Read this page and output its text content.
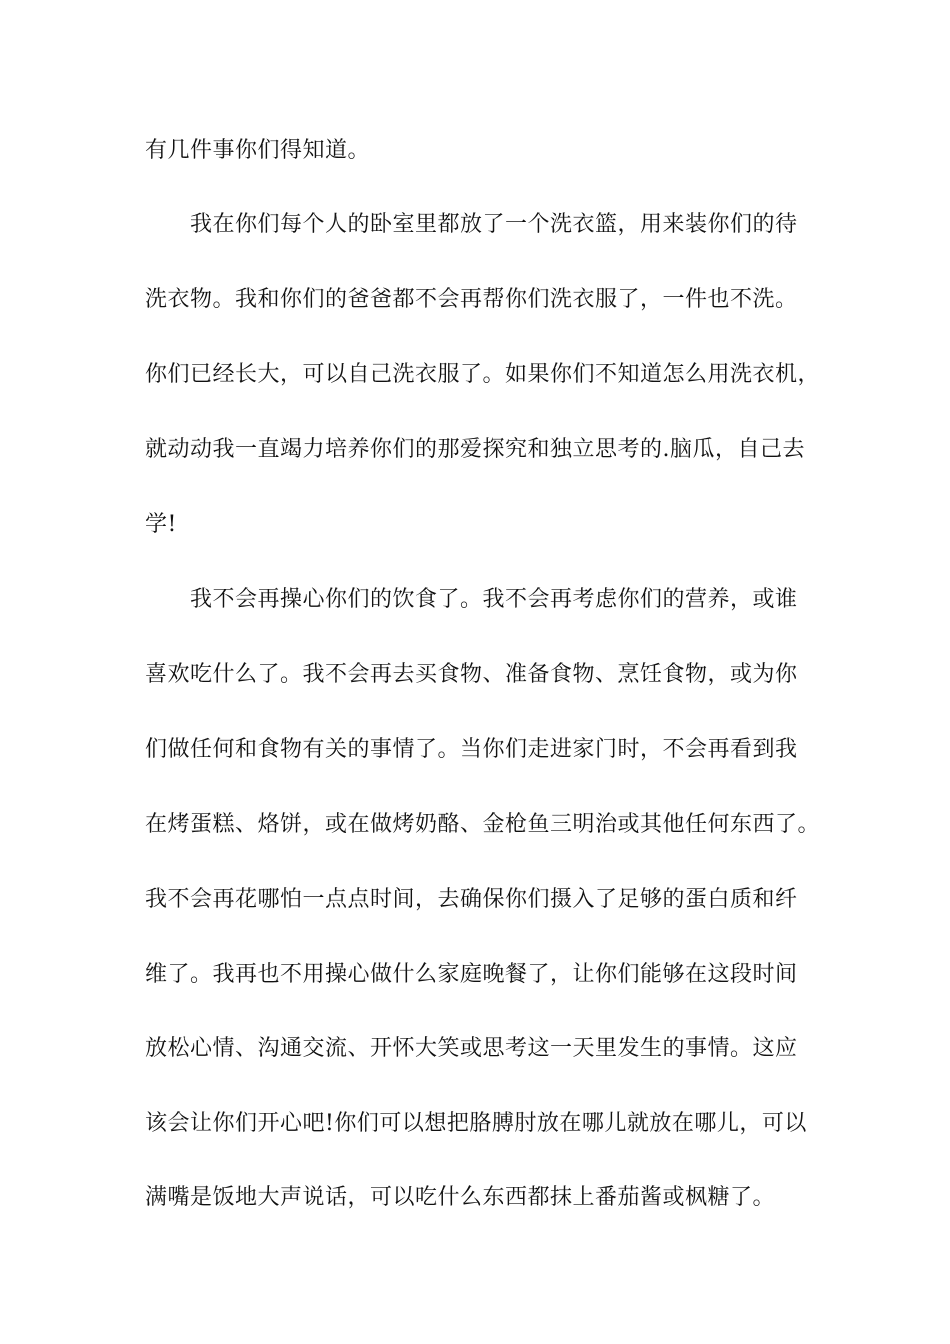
有几件事你们得知道。
我在你们每个人的卧室里都放了一个洗衣篮，用来装你们的待
洗衣物。我和你们的爸爸都不会再帮你们洗衣服了，一件也不洗。
你们已经长大，可以自己洗衣服了。如果你们不知道怎么用洗衣机，
就动动我一直竭力培养你们的那爱探究和独立思考的.脑瓜，自己去
学!
我不会再操心你们的饮食了。我不会再考虑你们的营养，或谁
喜欢吃什么了。我不会再去买食物、准备食物、烹饪食物，或为你
们做任何和食物有关的事情了。当你们走进家门时，不会再看到我
在烤蛋糕、烙饼，或在做烤奶酪、金枪鱼三明治或其他任何东西了。
我不会再花哪怕一点点时间，去确保你们摄入了足够的蛋白质和纤
维了。我再也不用操心做什么家庭晚餐了，让你们能够在这段时间
放松心情、沟通交流、开怀大笑或思考这一天里发生的事情。这应
该会让你们开心吧!你们可以想把胳膊肘放在哪儿就放在哪儿，可以
满嘴是饭地大声说话，可以吃什么东西都抹上番茄酱或枫糖了。
